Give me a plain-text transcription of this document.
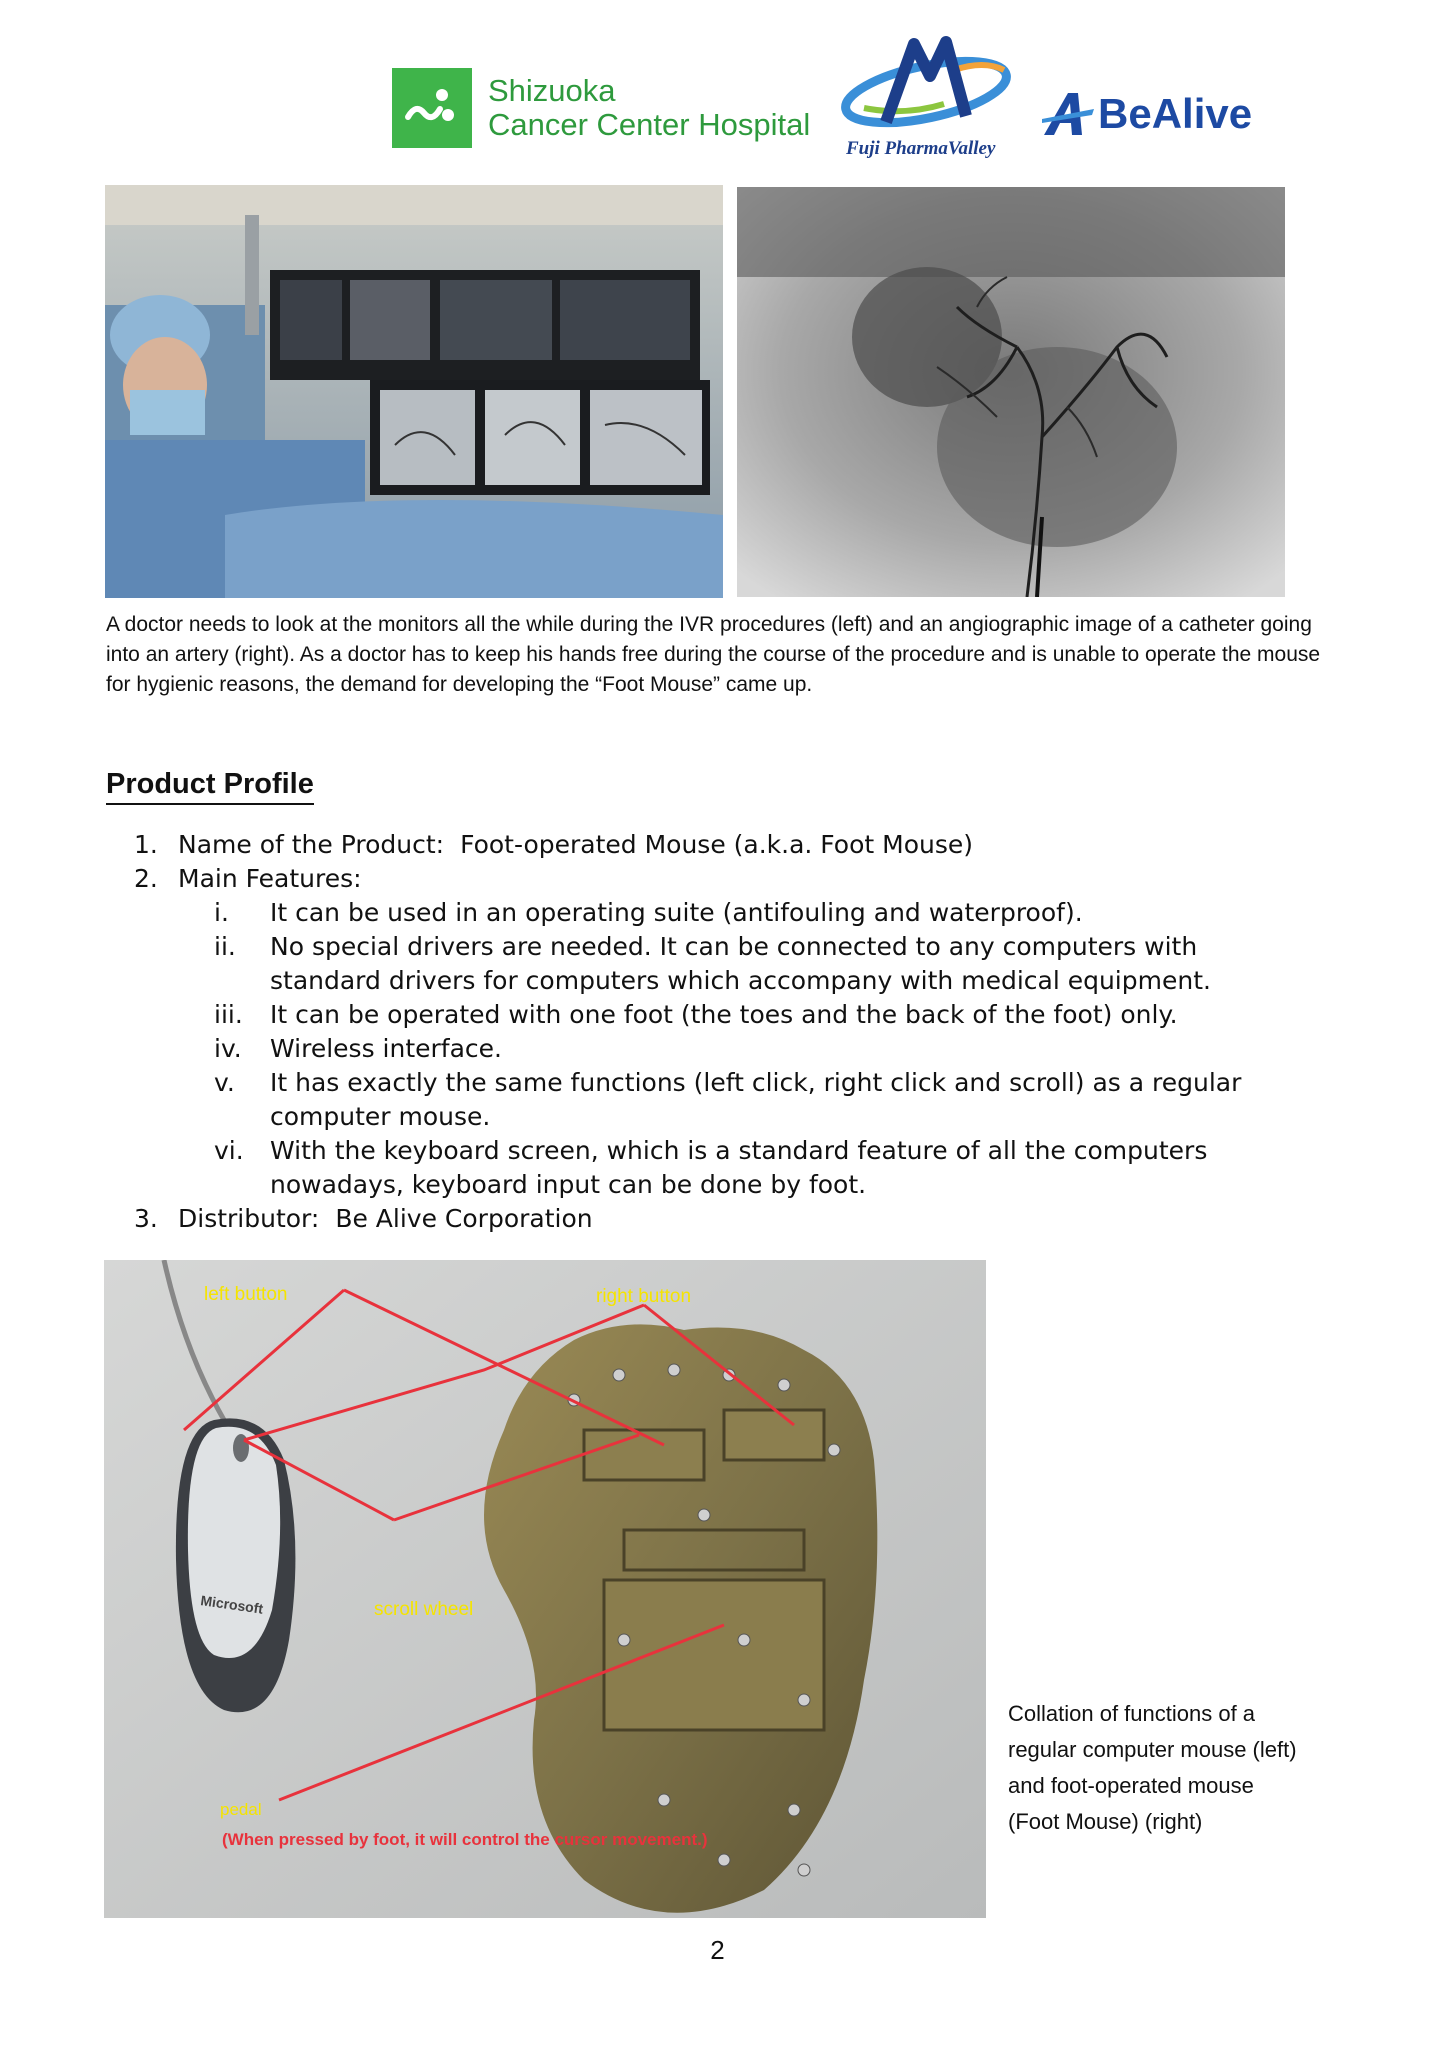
Shizuoka
Cancer Center Hospital
Fuji PharmaValley
BeAlive
A doctor needs to look at the monitors all the while during the IVR procedures (left) and an angiographic image of a catheter going into an artery (right). As a doctor has to keep his hands free during the course of the procedure and is unable to operate the mouse for hygienic reasons, the demand for developing the “Foot Mouse” came up.
Product Profile
1. Name of the Product: Foot-operated Mouse (a.k.a. Foot Mouse)
2. Main Features:
i.	It can be used in an operating suite (antifouling and waterproof).
ii.	No special drivers are needed. It can be connected to any computers with standard drivers for computers which accompany with medical equipment.
iii.	It can be operated with one foot (the toes and the back of the foot) only.
iv.	Wireless interface.
v.	It has exactly the same functions (left click, right click and scroll) as a regular computer mouse.
vi.	With the keyboard screen, which is a standard feature of all the computers nowadays, keyboard input can be done by foot.
3. Distributor: Be Alive Corporation
Microsoft
left button	right button
scroll wheel
pedal
(When pressed by foot, it will control the cursor movement.)
Collation of functions of a regular computer mouse (left) and foot-operated mouse (Foot Mouse) (right)
2
